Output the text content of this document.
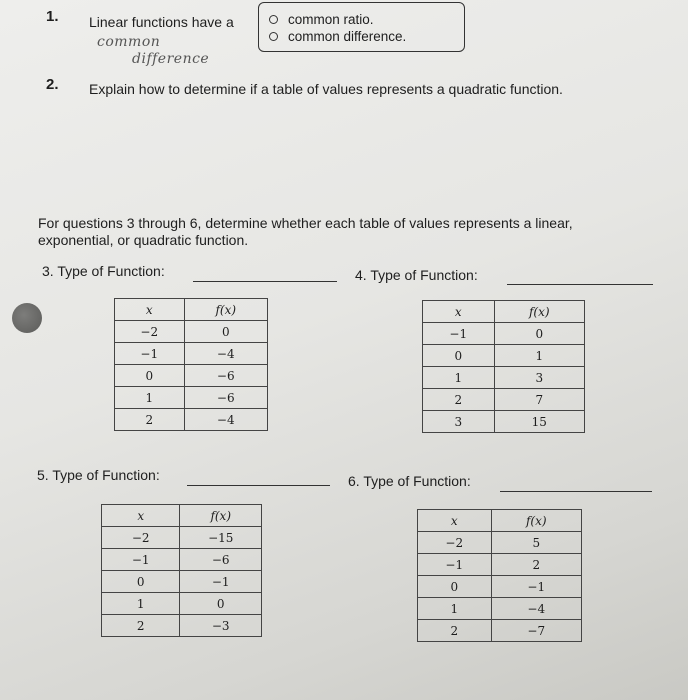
1. Linear functions have a	common ratio.
common difference.
common
difference
2. Explain how to determine if a table of values represents a quadratic function.
For questions 3 through 6, determine whether each table of values represents a linear,
exponential, or quadratic function.
3. Type of Function:
x	f(x)
−2	0
−1	−4
0	−6
1	−6
2	−4
4. Type of Function:
x	f(x)
−1	0
0	1
1	3
2	7
3	15
5. Type of Function:
x	f(x)
−2	−15
−1	−6
0	−1
1	0
2	−3
6. Type of Function:
x	f(x)
−2	5
−1	2
0	−1
1	−4
2	−7
